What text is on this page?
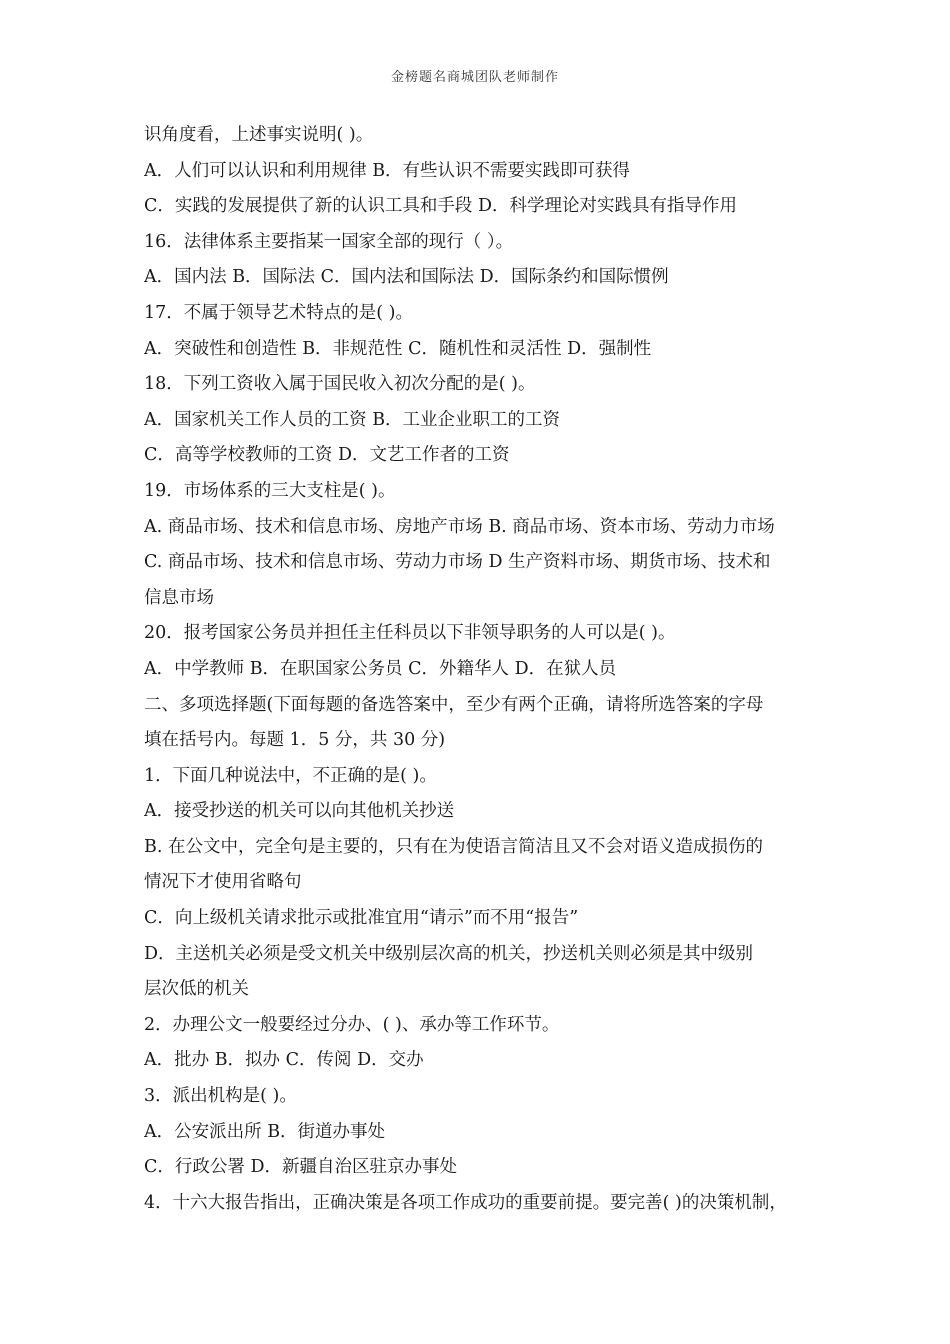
金榜题名商城团队老师制作
识角度看，上述事实说明( )。
A．人们可以认识和利用规律 B．有些认识不需要实践即可获得
C．实践的发展提供了新的认识工具和手段 D．科学理论对实践具有指导作用
16．法律体系主要指某一国家全部的现行（ ）。
A．国内法 B．国际法 C．国内法和国际法 D．国际条约和国际惯例
17．不属于领导艺术特点的是( )。
A．突破性和创造性 B．非规范性 C．随机性和灵活性 D．强制性
18．下列工资收入属于国民收入初次分配的是( )。
A．国家机关工作人员的工资 B．工业企业职工的工资
C．高等学校教师的工资 D．文艺工作者的工资
19．市场体系的三大支柱是( )。
A. 商品市场、技术和信息市场、房地产市场 B. 商品市场、资本市场、劳动力市场
C. 商品市场、技术和信息市场、劳动力市场 D 生产资料市场、期货市场、技术和
信息市场
20．报考国家公务员并担任主任科员以下非领导职务的人可以是( )。
A．中学教师 B．在职国家公务员 C．外籍华人 D．在狱人员
二、多项选择题(下面每题的备选答案中，至少有两个正确，请将所选答案的字母
填在括号内。每题 1．5 分，共 30 分)
1．下面几种说法中，不正确的是( )。
A．接受抄送的机关可以向其他机关抄送
B. 在公文中，完全句是主要的，只有在为使语言简洁且又不会对语义造成损伤的
情况下才使用省略句
C．向上级机关请求批示或批准宜用“请示”而不用“报告”
D．主送机关必须是受文机关中级别层次高的机关，抄送机关则必须是其中级别
层次低的机关
2．办理公文一般要经过分办、( )、承办等工作环节。
A．批办 B．拟办 C．传阅 D．交办
3．派出机构是( )。
A．公安派出所 B．街道办事处
C．行政公署 D．新疆自治区驻京办事处
4．十六大报告指出，正确决策是各项工作成功的重要前提。要完善( )的决策机制，
